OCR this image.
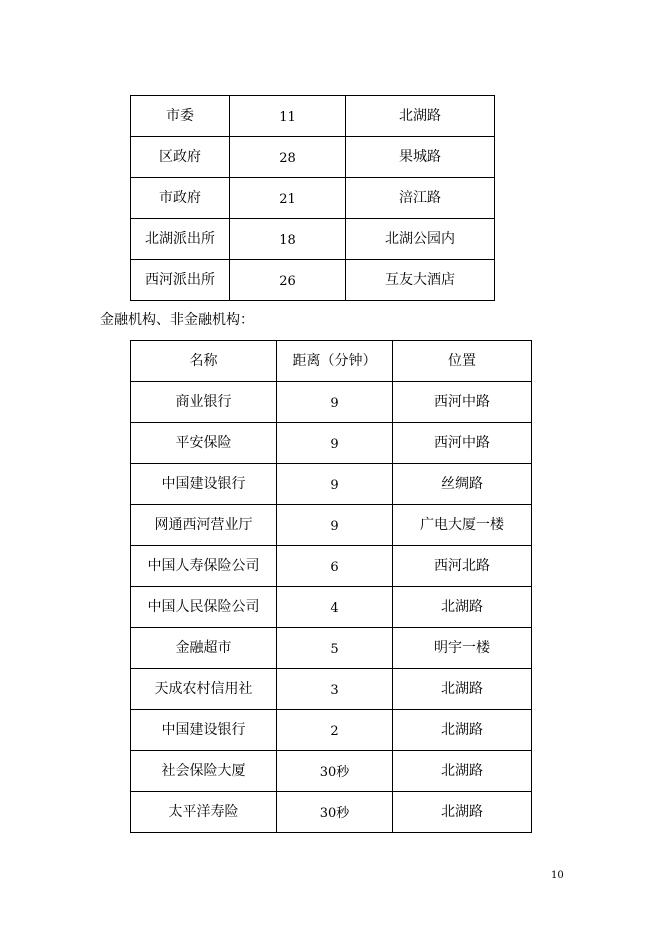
市委	11	北湖路
区政府	28	果城路
市政府	21	涪江路
北湖派出所	18	北湖公园内
西河派出所	26	互友大酒店
金融机构、非金融机构：
名称	距离（分钟）	位置
商业银行	9	西河中路
平安保险	9	西河中路
中国建设银行	9	丝绸路
网通西河营业厅	9	广电大厦一楼
中国人寿保险公司	6	西河北路
中国人民保险公司	4	北湖路
金融超市	5	明宇一楼
天成农村信用社	3	北湖路
中国建设银行	2	北湖路
社会保险大厦	30秒	北湖路
太平洋寿险	30秒	北湖路
10
